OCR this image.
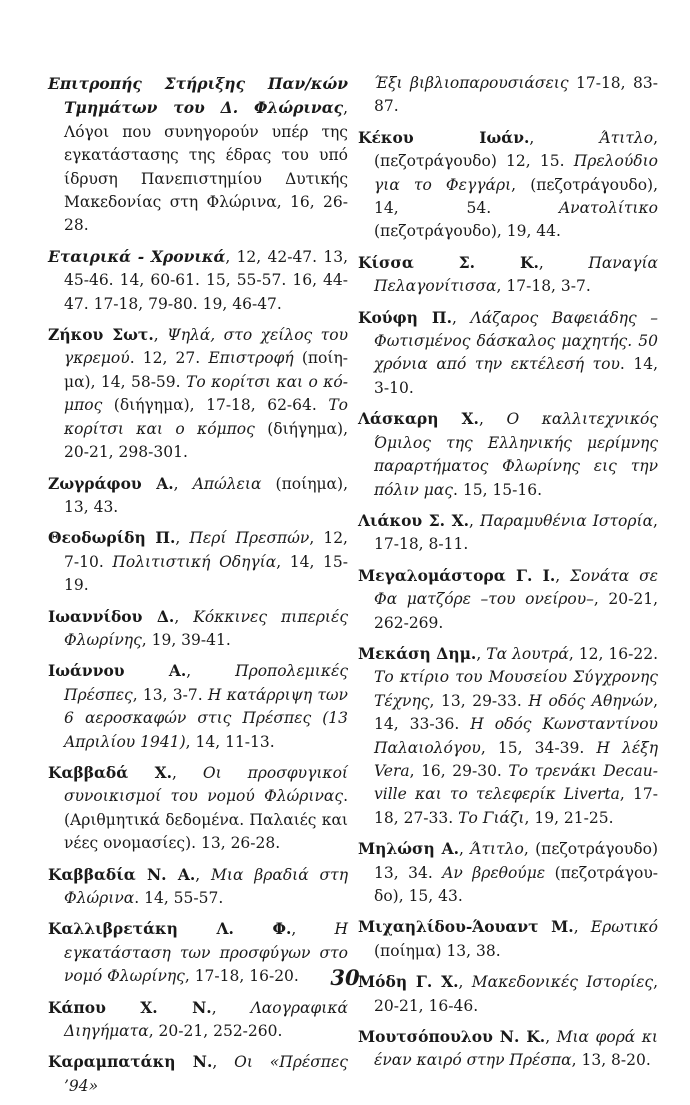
Επιτροπής Στήριξης Παν/κών Τμημάτων του Δ. Φλώρινας, Λόγοι που συνηγορούν υπέρ της εγκατάστασης της έδρας του υπό ίδρυση Πανεπιστημίου Δυτικής Μακεδονίας στη Φλώρινα, 16, 26-28.

Εταιρικά - Χρονικά, 12, 42-47. 13, 45-46. 14, 60-61. 15, 55-57. 16, 44-47. 17-18, 79-80. 19, 46-47.

Ζήκου Σωτ., Ψηλά, στο χείλος του γκρεμού. 12, 27. Επιστροφή (ποίημα), 14, 58-59. Το κορίτσι και ο κόμπος (διήγημα), 17-18, 62-64. Το κορίτσι και ο κόμπος (διήγημα), 20-21, 298-301.

Ζωγράφου Α., Απώλεια (ποίημα), 13, 43.

Θεοδωρίδη Π., Περί Πρεσπών, 12, 7-10. Πολιτιστική Οδηγία, 14, 15-19.

Ιωαννίδου Δ., Κόκκινες πιπεριές Φλωρίνης, 19, 39-41.

Ιωάννου Α., Προπολεμικές Πρέσπες, 13, 3-7. Η κατάρριψη των 6 αεροσκαφών στις Πρέσπες (13 Απριλίου 1941), 14, 11-13.

Καββαδά Χ., Οι προσφυγικοί συνοικισμοί του νομού Φλώρινας. (Αριθμητικά δεδομένα. Παλαιές και νέες ονομασίες). 13, 26-28.

Καββαδία Ν. Α., Μια βραδιά στη Φλώρινα. 14, 55-57.

Καλλιβρετάκη Λ. Φ., Η εγκατάσταση των προσφύγων στο νομό Φλωρίνης, 17-18, 16-20.

Κάπου Χ. Ν., Λαογραφικά Διηγήματα, 20-21, 252-260.

Καραμπατάκη Ν., Οι «Πρέσπες ’94»

Έξι βιβλιοπαρουσιάσεις 17-18, 83-87.

Κέκου Ιωάν., Άτιτλο, (πεζοτράγουδο) 12, 15. Πρελούδιο για το Φεγγάρι, (πεζοτράγουδο), 14, 54. Ανατολίτικο (πεζοτράγουδο), 19, 44.

Κίσσα Σ. Κ., Παναγία Πελαγονίτισσα, 17-18, 3-7.

Κούφη Π., Λάζαρος Βαφειάδης – Φωτισμένος δάσκαλος μαχητής. 50 χρόνια από την εκτέλεσή του. 14, 3-10.

Λάσκαρη Χ., Ο καλλιτεχνικός Όμιλος της Ελληνικής μερίμνης παραρτήματος Φλωρίνης εις την πόλιν μας. 15, 15-16.

Λιάκου Σ. Χ., Παραμυθένια Ιστορία, 17-18, 8-11.

Μεγαλομάστορα Γ. Ι., Σονάτα σε Φα ματζόρε –του ονείρου–, 20-21, 262-269.

Μεκάση Δημ., Τα λουτρά, 12, 16-22. Το κτίριο του Μουσείου Σύγχρονης Τέχνης, 13, 29-33. Η οδός Αθηνών, 14, 33-36. Η οδός Κωνσταντίνου Παλαιολόγου, 15, 34-39. Η λέξη Vera, 16, 29-30. Το τρενάκι Decauville και το τελεφερίκ Liverta, 17-18, 27-33. Το Γιάζι, 19, 21-25.

Μηλώση Α., Άτιτλο, (πεζοτράγουδο) 13, 34. Αν βρεθούμε (πεζοτράγουδο), 15, 43.

Μιχαηλίδου-Άουαντ Μ., Ερωτικό (ποίημα) 13, 38.

Μόδη Γ. Χ., Μακεδονικές Ιστορίες, 20-21, 16-46.

Μουτσόπουλου Ν. Κ., Μια φορά κι έναν καιρό στην Πρέσπα, 13, 8-20.

30
